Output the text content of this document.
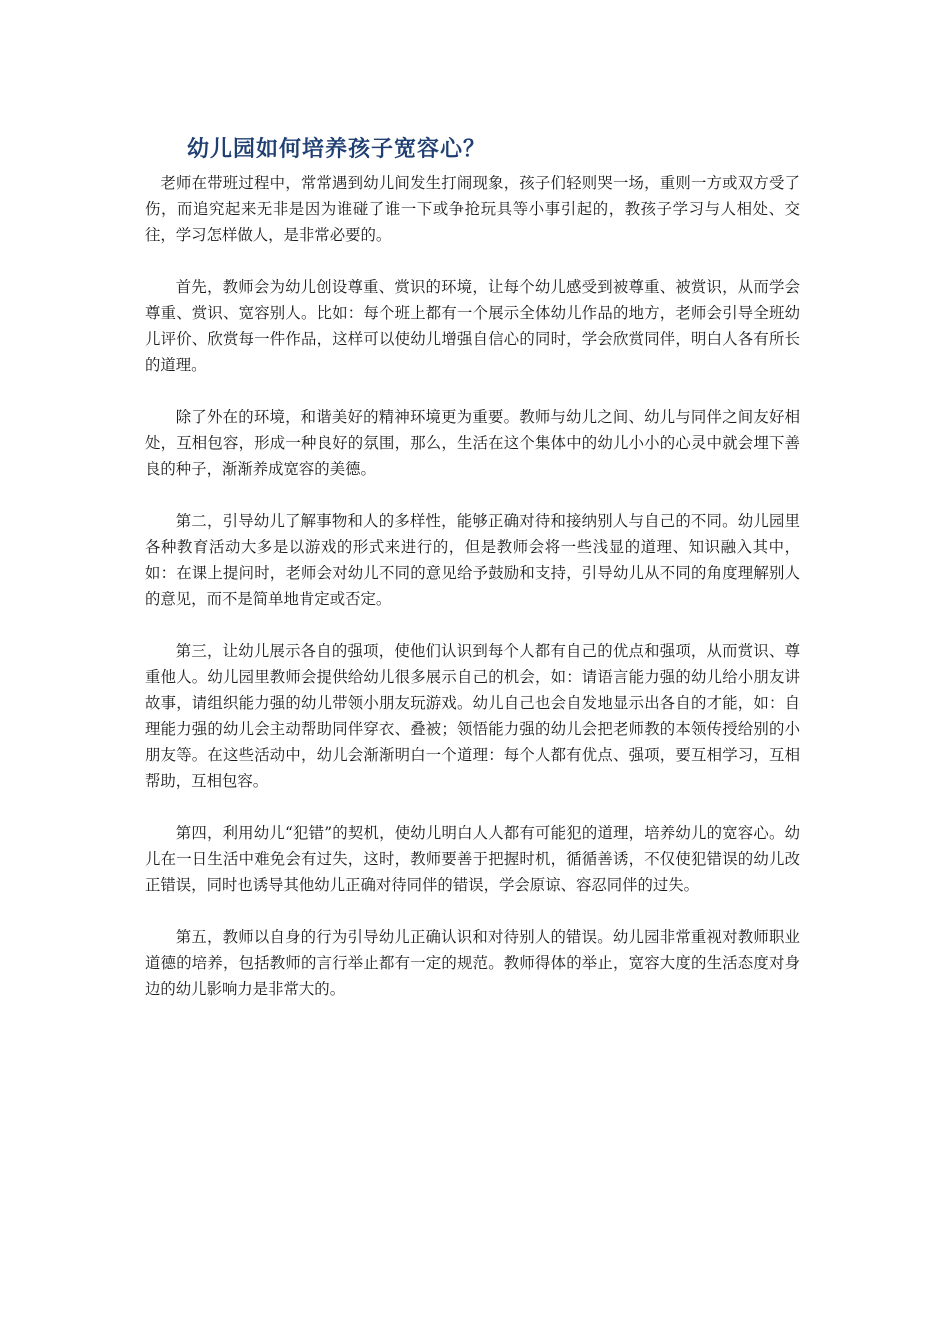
幼儿园如何培养孩子宽容心？

老师在带班过程中，常常遇到幼儿间发生打闹现象，孩子们轻则哭一场，重则一方或双方受了伤，而追究起来无非是因为谁碰了谁一下或争抢玩具等小事引起的，教孩子学习与人相处、交往，学习怎样做人，是非常必要的。

首先，教师会为幼儿创设尊重、赏识的环境，让每个幼儿感受到被尊重、被赏识，从而学会尊重、赏识、宽容别人。比如：每个班上都有一个展示全体幼儿作品的地方，老师会引导全班幼儿评价、欣赏每一件作品，这样可以使幼儿增强自信心的同时，学会欣赏同伴，明白人各有所长的道理。

除了外在的环境，和谐美好的精神环境更为重要。教师与幼儿之间、幼儿与同伴之间友好相处，互相包容，形成一种良好的氛围，那么，生活在这个集体中的幼儿小小的心灵中就会埋下善良的种子，渐渐养成宽容的美德。

第二，引导幼儿了解事物和人的多样性，能够正确对待和接纳别人与自己的不同。幼儿园里各种教育活动大多是以游戏的形式来进行的，但是教师会将一些浅显的道理、知识融入其中，如：在课上提问时，老师会对幼儿不同的意见给予鼓励和支持，引导幼儿从不同的角度理解别人的意见，而不是简单地肯定或否定。

第三，让幼儿展示各自的强项，使他们认识到每个人都有自己的优点和强项，从而赏识、尊重他人。幼儿园里教师会提供给幼儿很多展示自己的机会，如：请语言能力强的幼儿给小朋友讲故事，请组织能力强的幼儿带领小朋友玩游戏。幼儿自己也会自发地显示出各自的才能，如：自理能力强的幼儿会主动帮助同伴穿衣、叠被；领悟能力强的幼儿会把老师教的本领传授给别的小朋友等。在这些活动中，幼儿会渐渐明白一个道理：每个人都有优点、强项，要互相学习，互相帮助，互相包容。

第四，利用幼儿“犯错”的契机，使幼儿明白人人都有可能犯的道理，培养幼儿的宽容心。幼儿在一日生活中难免会有过失，这时，教师要善于把握时机，循循善诱，不仅使犯错误的幼儿改正错误，同时也诱导其他幼儿正确对待同伴的错误，学会原谅、容忍同伴的过失。

第五，教师以自身的行为引导幼儿正确认识和对待别人的错误。幼儿园非常重视对教师职业道德的培养，包括教师的言行举止都有一定的规范。教师得体的举止，宽容大度的生活态度对身边的幼儿影响力是非常大的。
